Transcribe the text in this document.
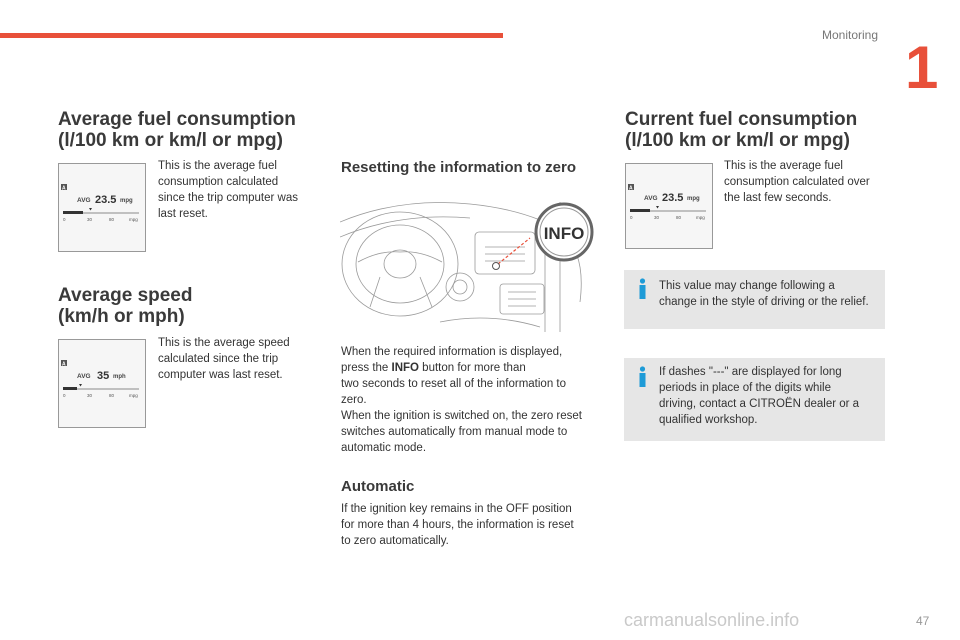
Monitoring 1
Average fuel consumption
(l/100 km or km/l or mpg)
A
AVG 23.5 mpg
0	30	80	mpg
This is the average fuel
consumption calculated
since the trip computer was
last reset.
Average speed
(km/h or mph)
A
AVG 35 mph
0	30	80	mpg
This is the average speed
calculated since the trip
computer was last reset.
Resetting the information to zero
INFO
When the required information is displayed,
press the INFO button for more than
two seconds to reset all of the information to
zero.
When the ignition is switched on, the zero reset
switches automatically from manual mode to
automatic mode.
Automatic
If the ignition key remains in the OFF position
for more than 4 hours, the information is reset
to zero automatically.
Current fuel consumption
(l/100 km or km/l or mpg)
A
AVG 23.5 mpg
0	30	80	mpg
This is the average fuel
consumption calculated over
the last few seconds.
This value may change following a
change in the style of driving or the relief.
If dashes "---" are displayed for long
periods in place of the digits while
driving, contact a CITROËN dealer or a
qualified workshop.
carmanualsonline.info	47
